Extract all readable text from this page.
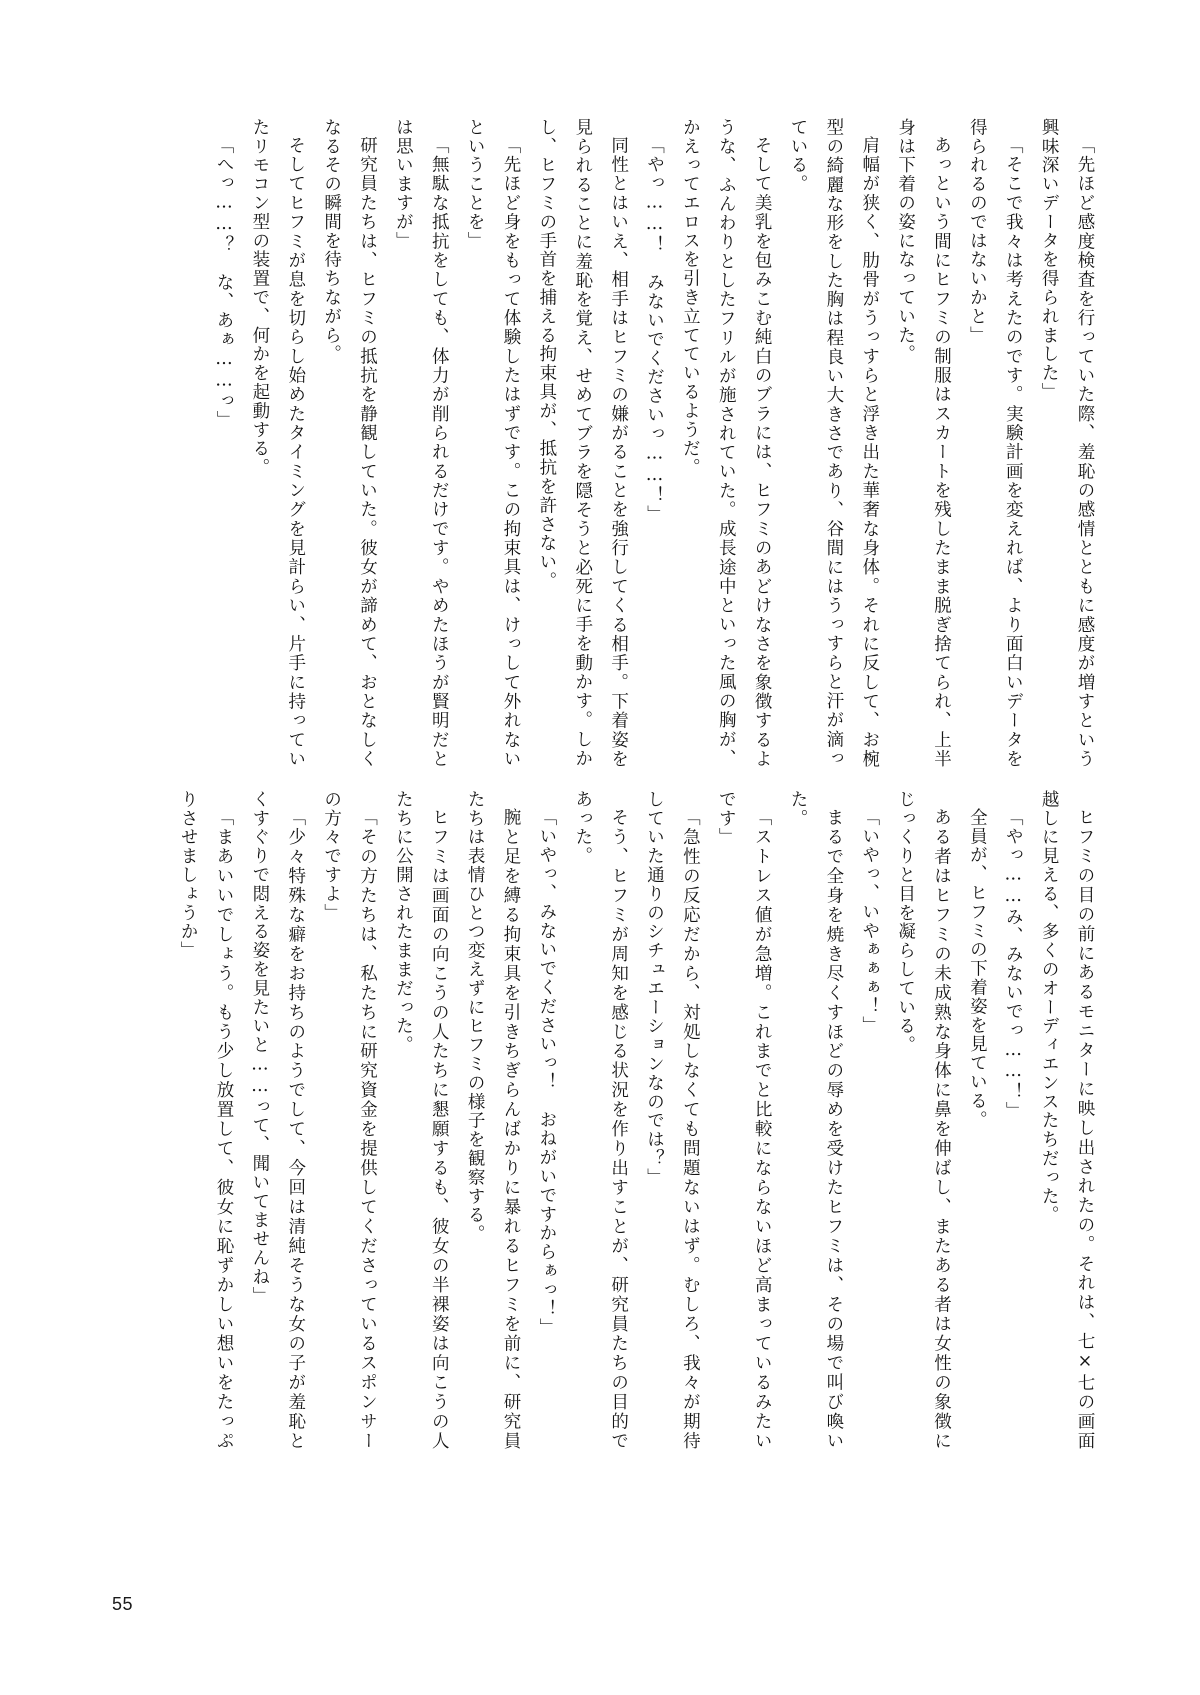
「先ほど感度検査を行っていた際、羞恥の感情とともに感度が増すという興味深いデータを得られました」

「そこで我々は考えたのです。実験計画を変えれば、より面白いデータを得られるのではないかと」

あっという間にヒフミの制服はスカートを残したまま脱ぎ捨てられ、上半身は下着の姿になっていた。

肩幅が狭く、肋骨がうっすらと浮き出た華奢な身体。それに反して、お椀型の綺麗な形をした胸は程良い大きさであり、谷間にはうっすらと汗が滴っている。

そして美乳を包みこむ純白のブラには、ヒフミのあどけなさを象徴するような、ふんわりとしたフリルが施されていた。成長途中といった風の胸が、かえってエロスを引き立てているようだ。

「やっ……！　みないでくださいっ……！」

同性とはいえ、相手はヒフミの嫌がることを強行してくる相手。下着姿を見られることに羞恥を覚え、せめてブラを隠そうと必死に手を動かす。しかし、ヒフミの手首を捕える拘束具が、抵抗を許さない。

「先ほど身をもって体験したはずです。この拘束具は、けっして外れないということを」

「無駄な抵抗をしても、体力が削られるだけです。やめたほうが賢明だとは思いますが」

研究員たちは、ヒフミの抵抗を静観していた。彼女が諦めて、おとなしくなるその瞬間を待ちながら。

そしてヒフミが息を切らし始めたタイミングを見計らい、片手に持っていたリモコン型の装置で、何かを起動する。

「へっ……？　な、あぁ……っ」

ヒフミの目の前にあるモニターに映し出されたの。それは、七×七の画面越しに見える、多くのオーディエンスたちだった。

「やっ……み、みないでっ……！」

全員が、ヒフミの下着姿を見ている。

ある者はヒフミの未成熟な身体に鼻を伸ばし、またある者は女性の象徴にじっくりと目を凝らしている。

「いやっ、いやぁぁぁ！」

まるで全身を焼き尽くすほどの辱めを受けたヒフミは、その場で叫び喚いた。

「ストレス値が急増。これまでと比較にならないほど高まっているみたいです」

「急性の反応だから、対処しなくても問題ないはず。むしろ、我々が期待していた通りのシチュエーションなのでは？」

そう、ヒフミが周知を感じる状況を作り出すことが、研究員たちの目的であった。

「いやっ、みないでくださいっ！　おねがいですからぁっ！」

腕と足を縛る拘束具を引きちぎらんばかりに暴れるヒフミを前に、研究員たちは表情ひとつ変えずにヒフミの様子を観察する。

ヒフミは画面の向こうの人たちに懇願するも、彼女の半裸姿は向こうの人たちに公開されたままだった。

「その方たちは、私たちに研究資金を提供してくださっているスポンサーの方々ですよ」

「少々特殊な癖をお持ちのようでして、今回は清純そうな女の子が羞恥とくすぐりで悶える姿を見たいと……って、聞いてませんね」

「まあいいでしょう。もう少し放置して、彼女に恥ずかしい想いをたっぷりさせましょうか」

55
